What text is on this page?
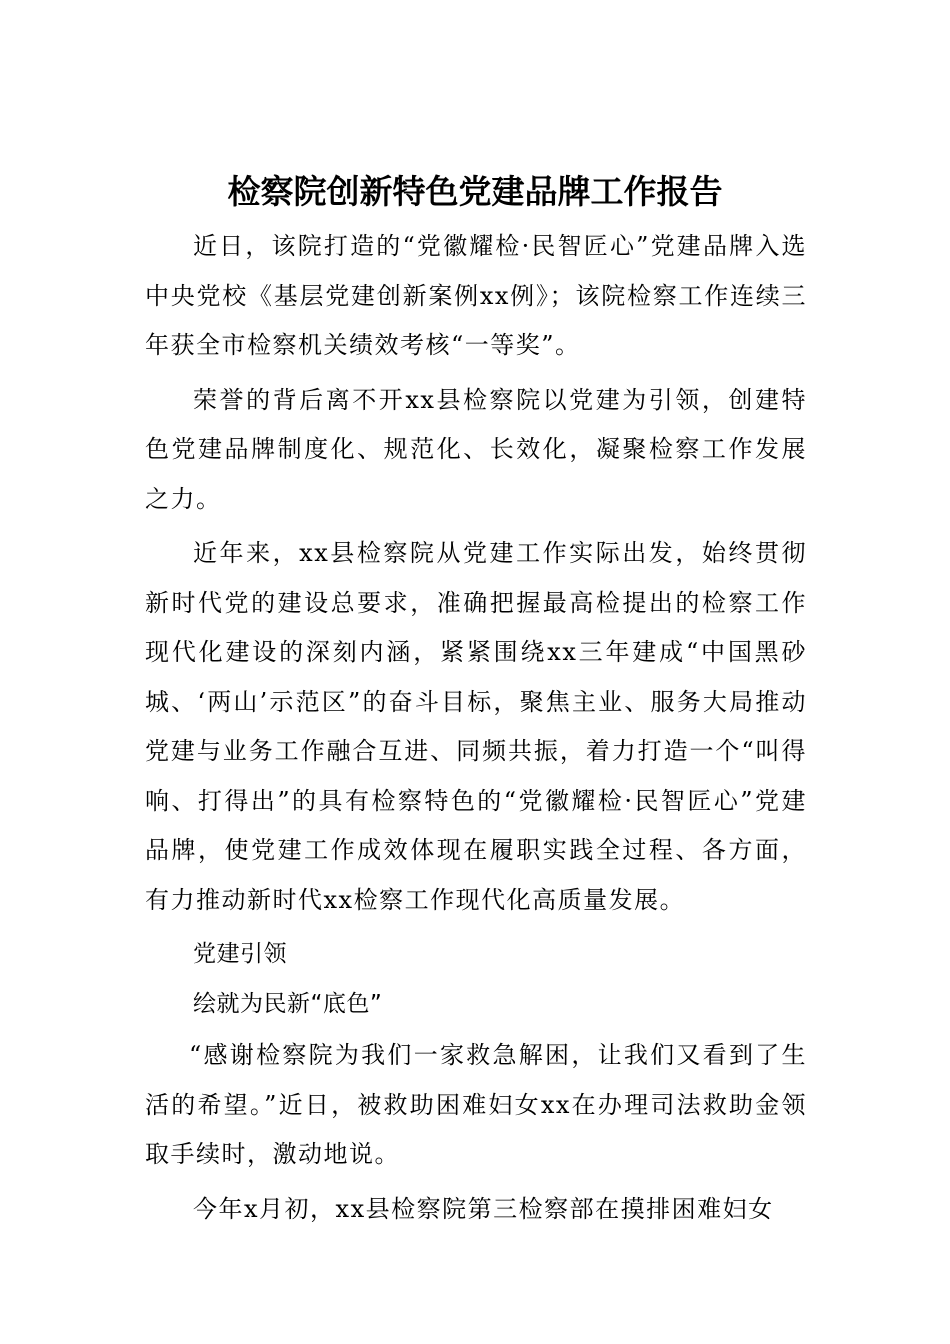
检察院创新特色党建品牌工作报告

近日，该院打造的“党徽耀检·民智匠心”党建品牌入选中央党校《基层党建创新案例xx例》；该院检察工作连续三年获全市检察机关绩效考核“一等奖”。

荣誉的背后离不开xx县检察院以党建为引领，创建特色党建品牌制度化、规范化、长效化，凝聚检察工作发展之力。

近年来，xx县检察院从党建工作实际出发，始终贯彻新时代党的建设总要求，准确把握最高检提出的检察工作现代化建设的深刻内涵，紧紧围绕xx三年建成“中国黑砂城、‘两山’示范区”的奋斗目标，聚焦主业、服务大局推动党建与业务工作融合互进、同频共振，着力打造一个“叫得响、打得出”的具有检察特色的“党徽耀检·民智匠心”党建品牌，使党建工作成效体现在履职实践全过程、各方面，有力推动新时代xx检察工作现代化高质量发展。

党建引领

绘就为民新“底色”

“感谢检察院为我们一家救急解困，让我们又看到了生活的希望。”近日，被救助困难妇女xx在办理司法救助金领取手续时，激动地说。

今年x月初，xx县检察院第三检察部在摸排困难妇女
